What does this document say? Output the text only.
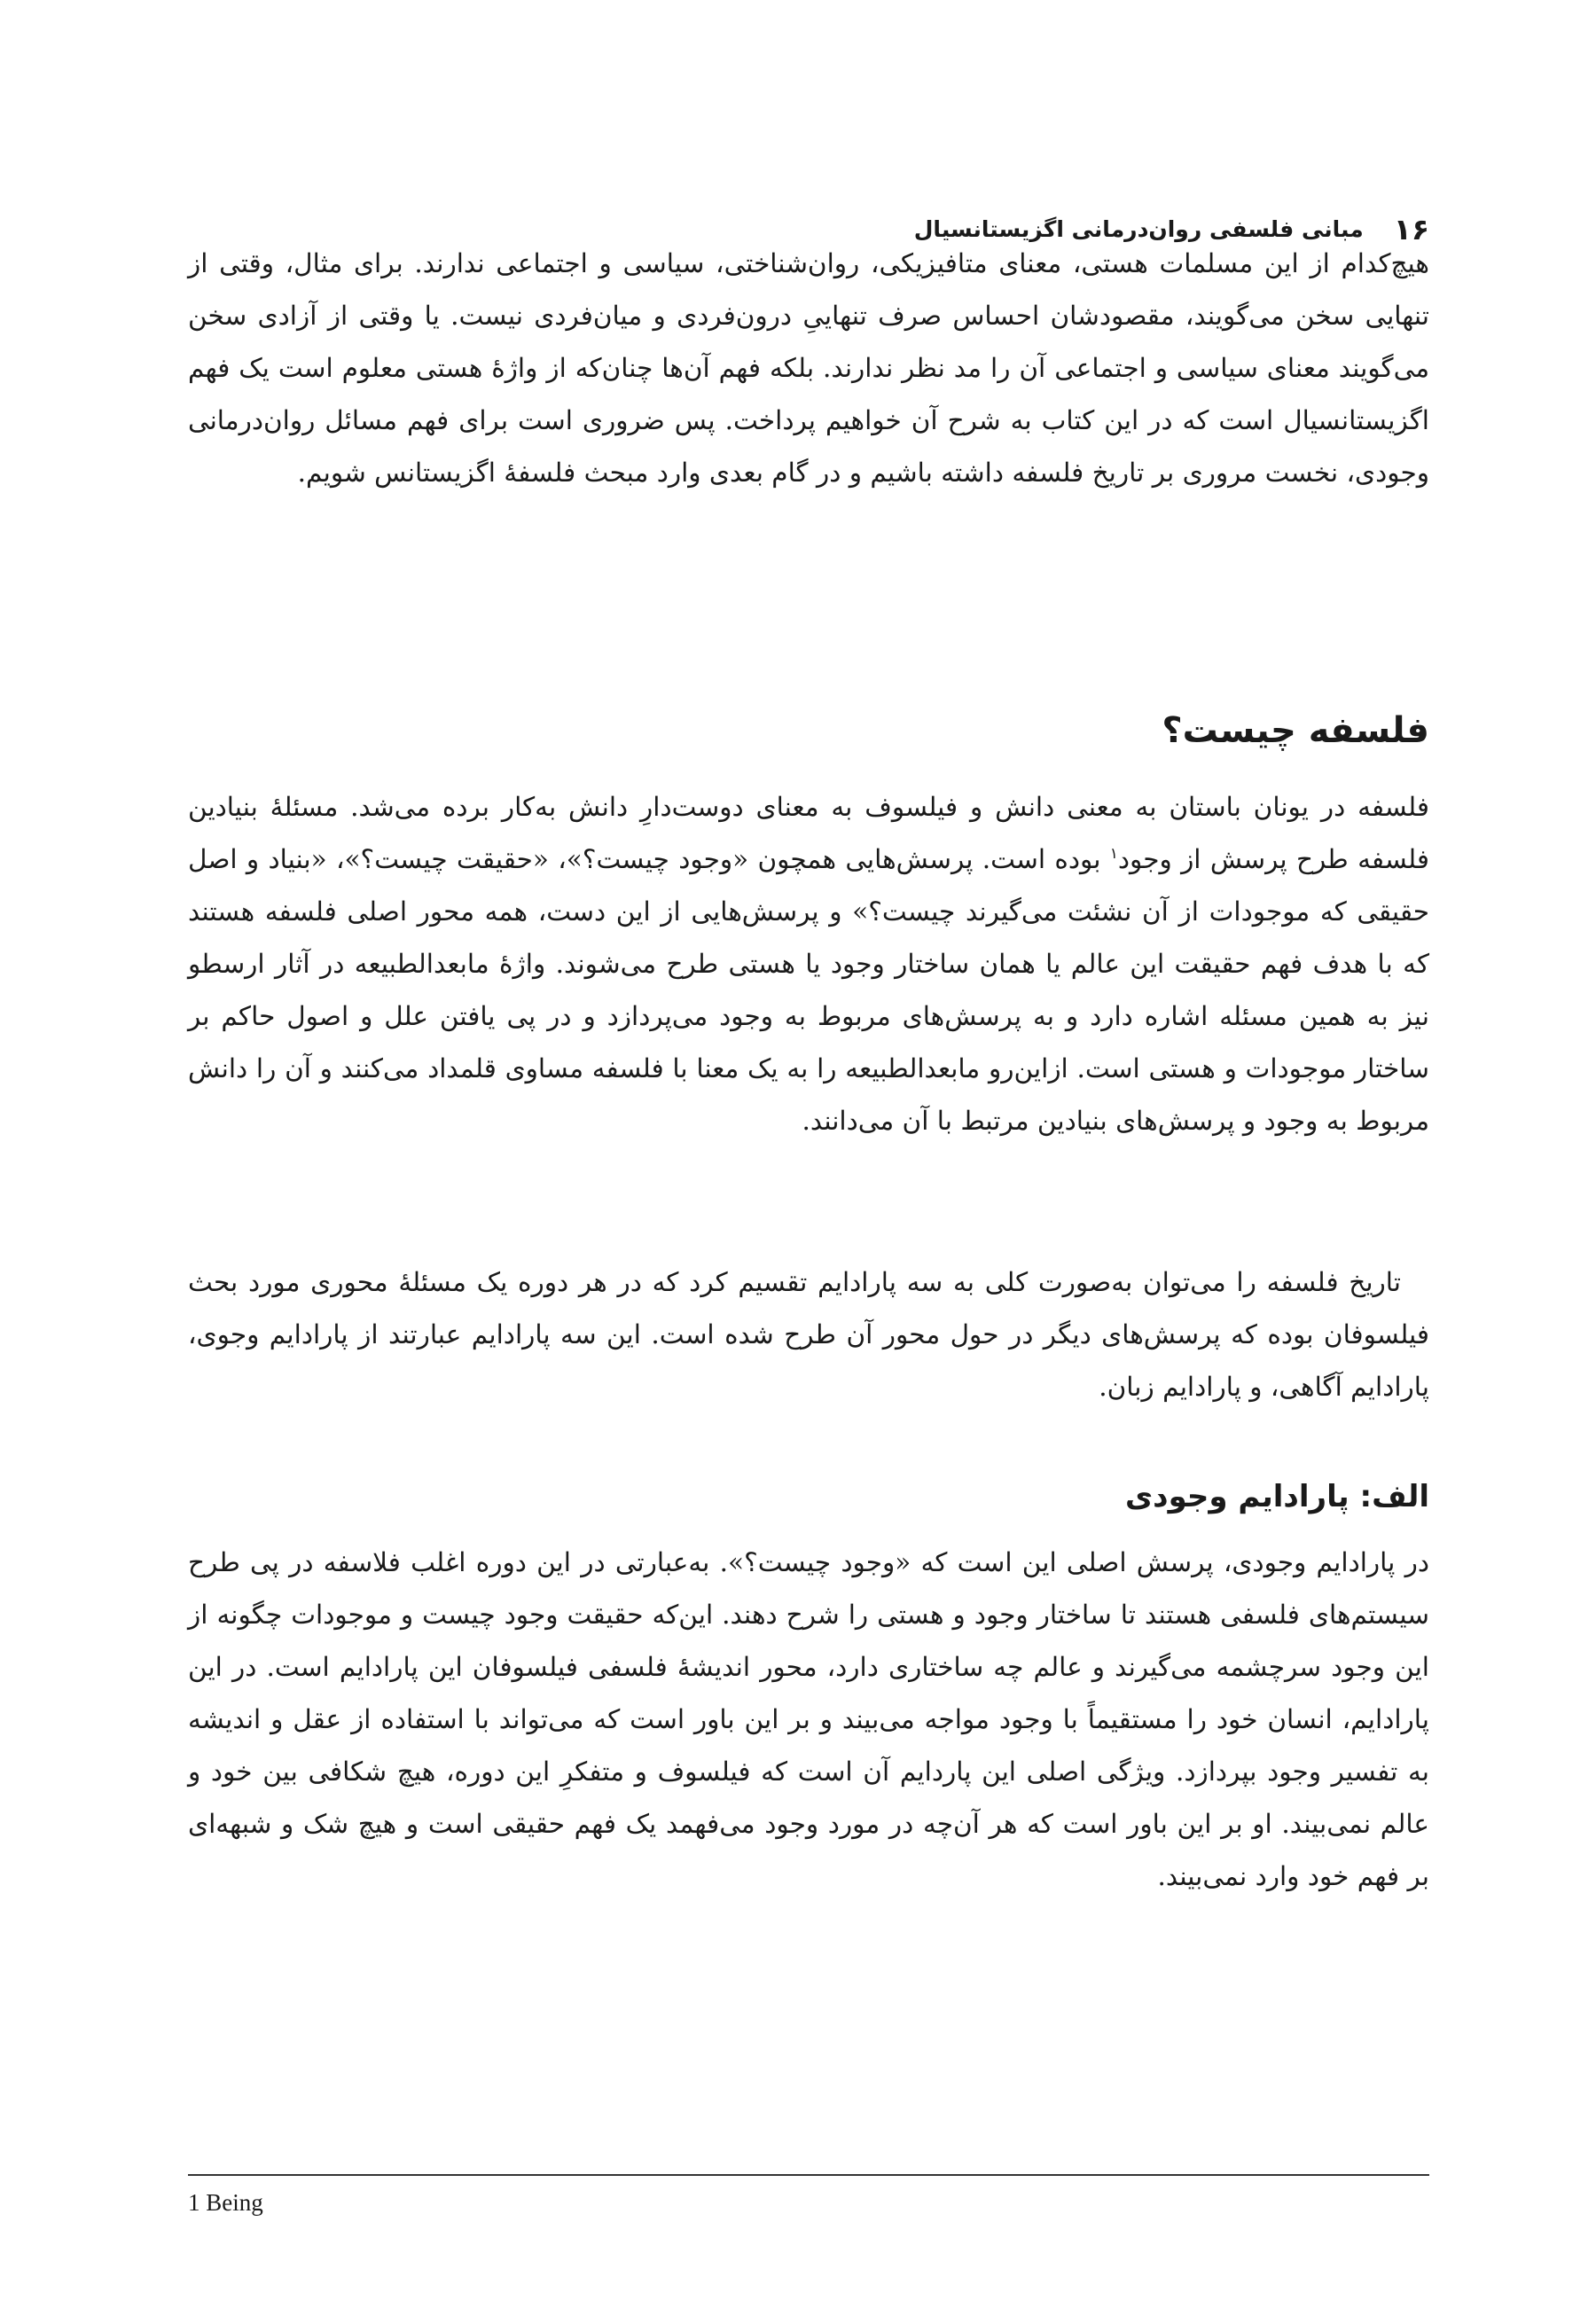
۱۶
مبانی فلسفی روان‌درمانی اگزیستانسیال

هیچ‌کدام از این مسلمات هستی، معنای متافیزیکی، روان‌شناختی، سیاسی و اجتماعی ندارند. برای مثال، وقتی از تنهایی سخن می‌گویند، مقصودشان احساس صرف تنهاییِ درون‌فردی و میان‌فردی نیست. یا وقتی از آزادی سخن می‌گویند معنای سیاسی و اجتماعی آن را مد نظر ندارند. بلکه فهم آن‌ها چنان‌که از واژهٔ هستی معلوم است یک فهم اگزیستانسیال است که در این کتاب به شرح آن خواهیم پرداخت. پس ضروری است برای فهم مسائل روان‌درمانی وجودی، نخست مروری بر تاریخ فلسفه داشته باشیم و در گام بعدی وارد مبحث فلسفهٔ اگزیستانس شویم.

فلسفه چیست؟

فلسفه در یونان باستان به معنی دانش و فیلسوف به معنای دوست‌دارِ دانش به‌کار برده می‌شد. مسئلهٔ بنیادین فلسفه طرح پرسش از وجود$^۱$ بوده است. پرسش‌هایی همچون «وجود چیست؟»، «حقیقت چیست؟»، «بنیاد و اصل حقیقی که موجودات از آن نشئت می‌گیرند چیست؟» و پرسش‌هایی از این دست، همه محور اصلی فلسفه هستند که با هدف فهم حقیقت این عالم یا همان ساختار وجود یا هستی طرح می‌شوند. واژهٔ مابعدالطبیعه در آثار ارسطو نیز به همین مسئله اشاره دارد و به پرسش‌های مربوط به وجود می‌پردازد و در پی یافتن علل و اصول حاکم بر ساختار موجودات و هستی است. ازاین‌رو مابعدالطبیعه را به یک معنا با فلسفه مساوی قلمداد می‌کنند و آن را دانش مربوط به وجود و پرسش‌های بنیادین مرتبط با آن می‌دانند.

تاریخ فلسفه را می‌توان به‌صورت کلی به سه پارادایم تقسیم کرد که در هر دوره یک مسئلهٔ محوری مورد بحث فیلسوفان بوده که پرسش‌های دیگر در حول محور آن طرح شده است. این سه پارادایم عبارتند از پارادایم وجوی، پارادایم آگاهی، و پارادایم زبان.

الف: پارادایم وجودی

در پارادایم وجودی، پرسش اصلی این است که «وجود چیست؟». به‌عبارتی در این دوره اغلب فلاسفه در پی طرح سیستم‌های فلسفی هستند تا ساختار وجود و هستی را شرح دهند. این‌که حقیقت وجود چیست و موجودات چگونه از این وجود سرچشمه می‌گیرند و عالم چه ساختاری دارد، محور اندیشهٔ فلسفی فیلسوفان این پارادایم است. در این پارادایم، انسان خود را مستقیماً با وجود مواجه می‌بیند و بر این باور است که می‌تواند با استفاده از عقل و اندیشه به تفسیر وجود بپردازد. ویژگی اصلی این پاردایم آن است که فیلسوف و متفکرِ این دوره، هیچ شکافی بین خود و عالم نمی‌بیند. او بر این باور است که هر آن‌چه در مورد وجود می‌فهمد یک فهم حقیقی است و هیچ شک و شبهه‌ای بر فهم خود وارد نمی‌بیند.

1 Being
